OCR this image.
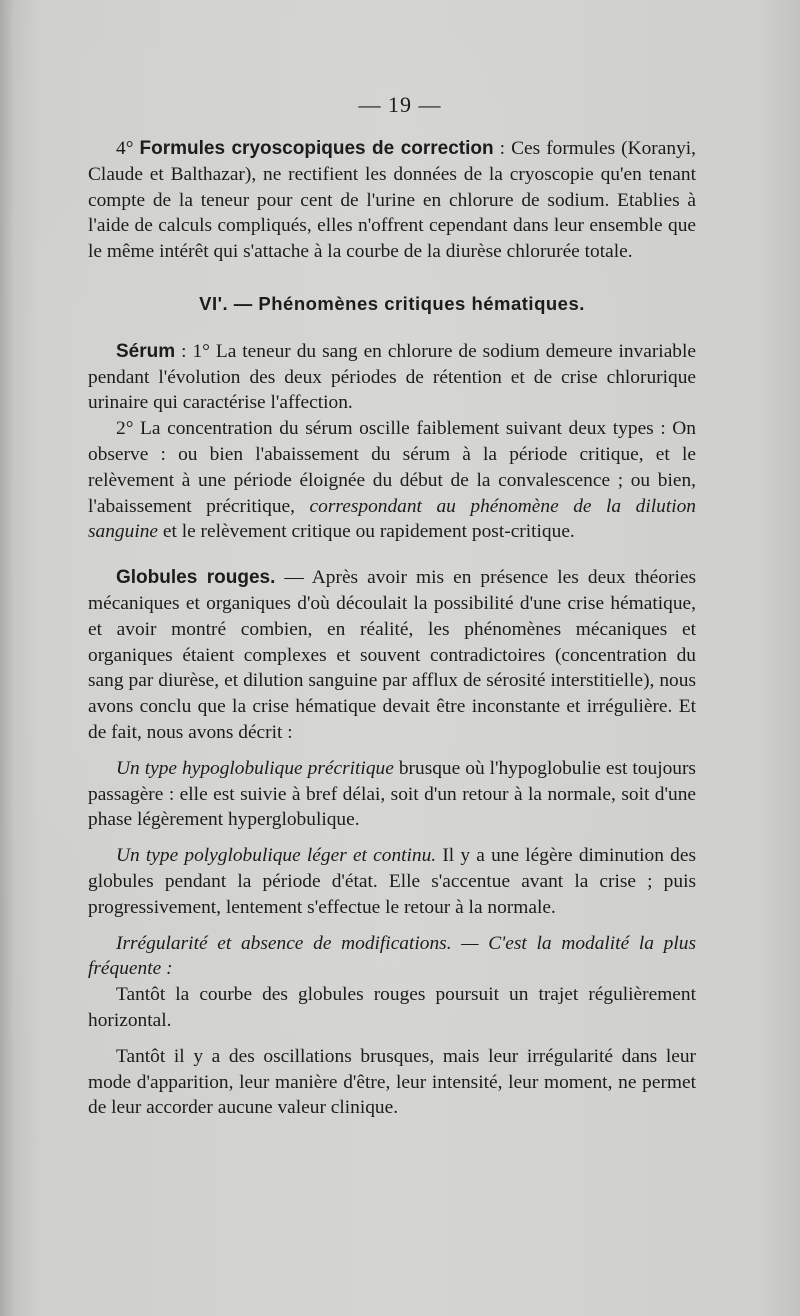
— 19 —

4° Formules cryoscopiques de correction : Ces formules (Koranyi, Claude et Balthazar), ne rectifient les données de la cryoscopie qu'en tenant compte de la teneur pour cent de l'urine en chlorure de sodium. Etablies à l'aide de calculs compliqués, elles n'offrent cependant dans leur ensemble que le même intérêt qui s'attache à la courbe de la diurèse chlorurée totale.

VI'. — Phénomènes critiques hématiques.

Sérum : 1° La teneur du sang en chlorure de sodium demeure invariable pendant l'évolution des deux périodes de rétention et de crise chlorurique urinaire qui caractérise l'affection.

2° La concentration du sérum oscille faiblement suivant deux types : On observe : ou bien l'abaissement du sérum à la période critique, et le relèvement à une période éloignée du début de la convalescence ; ou bien, l'abaissement précritique, correspondant au phénomène de la dilution sanguine et le relèvement critique ou rapidement post-critique.

Globules rouges. — Après avoir mis en présence les deux théories mécaniques et organiques d'où découlait la possibilité d'une crise hématique, et avoir montré combien, en réalité, les phénomènes mécaniques et organiques étaient complexes et souvent contradictoires (concentration du sang par diurèse, et dilution sanguine par afflux de sérosité interstitielle), nous avons conclu que la crise hématique devait être inconstante et irrégulière. Et de fait, nous avons décrit :

Un type hypoglobulique précritique brusque où l'hypoglobulie est toujours passagère : elle est suivie à bref délai, soit d'un retour à la normale, soit d'une phase légèrement hyperglobulique.

Un type polyglobulique léger et continu. Il y a une légère diminution des globules pendant la période d'état. Elle s'accentue avant la crise ; puis progressivement, lentement s'effectue le retour à la normale.

Irrégularité et absence de modifications. — C'est la modalité la plus fréquente :

Tantôt la courbe des globules rouges poursuit un trajet régulièrement horizontal.

Tantôt il y a des oscillations brusques, mais leur irrégularité dans leur mode d'apparition, leur manière d'être, leur intensité, leur moment, ne permet de leur accorder aucune valeur clinique.
